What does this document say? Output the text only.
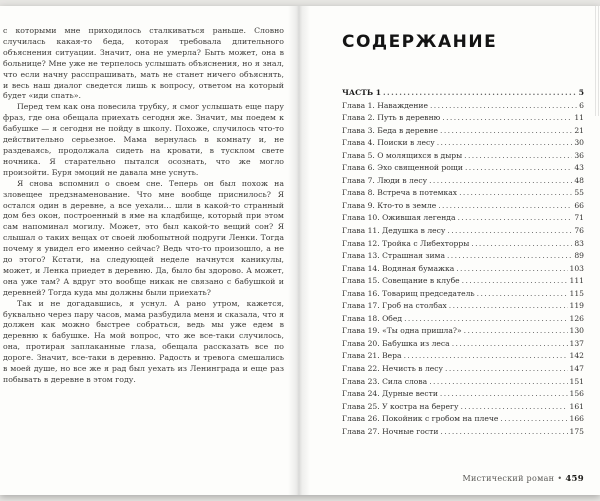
с которыми мне приходилось сталкиваться раньше. Словно случилась какая-то беда, которая требовала длительного объяснения ситуации. Значит, она не умерла? Быть может, она в больнице? Мне уже не терпелось услышать объяснения, но я знал, что если начну расспрашивать, мать не станет ничего объяснять, и весь наш диалог сведется лишь к вопросу, ответом на который будет «иди спать».

Перед тем как она повесила трубку, я смог услышать еще пару фраз, где она обещала приехать сегодня же. Значит, мы поедем к бабушке — я сегодня не пойду в школу. Похоже, случилось что-то действительно серьезное. Мама вернулась в комнату и, не раздеваясь, продолжала сидеть на кровати, в тусклом свете ночника. Я старательно пытался осознать, что же могло произойти. Буря эмоций не давала мне уснуть.

Я снова вспомнил о своем сне. Теперь он был похож на зловещее предзнаменование. Что мне вообще приснилось? Я остался один в деревне, а все уехали… шли в какой-то странный дом без окон, построенный в яме на кладбище, который при этом сам напоминал могилу. Может, это был какой-то вещий сон? Я слышал о таких вещах от своей любопытной подруги Ленки. Тогда почему я увидел его именно сейчас? Ведь что-то произошло, а не до этого? Кстати, на следующей неделе начнутся каникулы, может, и Ленка приедет в деревню. Да, было бы здорово. А может, она уже там? А вдруг это вообще никак не связано с бабушкой и деревней? Тогда куда мы должны были приехать?

Так и не догадавшись, я уснул. А рано утром, кажется, буквально через пару часов, мама разбудила меня и сказала, что я должен как можно быстрее собраться, ведь мы уже едем в деревню к бабушке. На мой вопрос, что же все-таки случилось, она, протирая заплаканные глаза, обещала рассказать все по дороге. Значит, все-таки в деревню. Радость и тревога смешались в моей душе, но все же я рад был уехать из Ленинграда и еще раз побывать в деревне в этом году.

СОДЕРЖАНИЕ
ЧАСТЬ 1 .....	5
Глава 1. Наваждение .....	6
Глава 2. Путь в деревню .....	11
Глава 3. Беда в деревне .....	21
Глава 4. Поиски в лесу .....	30
Глава 5. О молящихся в дыры .....	36
Глава 6. Эхо священной рощи .....	43
Глава 7. Люди в лесу .....	48
Глава 8. Встреча в потемках .....	55
Глава 9. Кто-то в земле .....	66
Глава 10. Ожившая легенда .....	71
Глава 11. Дедушка в лесу .....	76
Глава 12. Тройка с Либехторры .....	83
Глава 13. Страшная зима .....	89
Глава 14. Водяная бумажка .....	103
Глава 15. Совещание в клубе .....	111
Глава 16. Товарищ председатель .....	115
Глава 17. Гроб на столбах .....	119
Глава 18. Обед .....	126
Глава 19. «Ты одна пришла?» .....	130
Глава 20. Бабушка из леса .....	137
Глава 21. Вера .....	142
Глава 22. Нечисть в лесу .....	147
Глава 23. Сила слова .....	151
Глава 24. Дурные вести .....	156
Глава 25. У костра на берегу .....	161
Глава 26. Покойник с гробом на плече .....	166
Глава 27. Ночные гости .....	175
Мистический роман • 459
